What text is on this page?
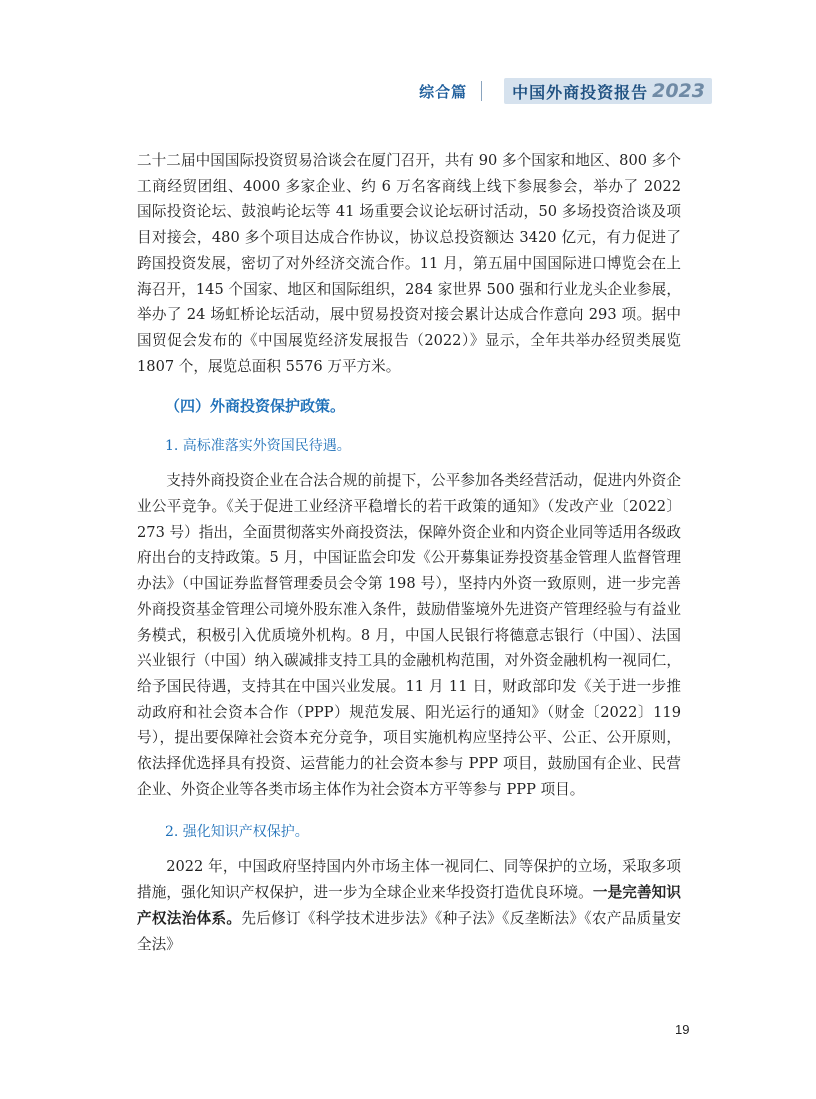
综合篇	中国外商投资报告 2023

二十二届中国国际投资贸易洽谈会在厦门召开，共有 90 多个国家和地区、800 多个工商经贸团组、4000 多家企业、约 6 万名客商线上线下参展参会，举办了 2022 国际投资论坛、鼓浪屿论坛等 41 场重要会议论坛研讨活动，50 多场投资洽谈及项目对接会，480 多个项目达成合作协议，协议总投资额达 3420 亿元，有力促进了跨国投资发展，密切了对外经济交流合作。11 月，第五届中国国际进口博览会在上海召开，145 个国家、地区和国际组织，284 家世界 500 强和行业龙头企业参展，举办了 24 场虹桥论坛活动，展中贸易投资对接会累计达成合作意向 293 项。据中国贸促会发布的《中国展览经济发展报告（2022）》显示，全年共举办经贸类展览 1807 个，展览总面积 5576 万平方米。

（四）外商投资保护政策。

1. 高标准落实外资国民待遇。

支持外商投资企业在合法合规的前提下，公平参加各类经营活动，促进内外资企业公平竞争。《关于促进工业经济平稳增长的若干政策的通知》（发改产业〔2022〕273 号）指出，全面贯彻落实外商投资法，保障外资企业和内资企业同等适用各级政府出台的支持政策。5 月，中国证监会印发《公开募集证券投资基金管理人监督管理办法》（中国证券监督管理委员会令第 198 号），坚持内外资一致原则，进一步完善外商投资基金管理公司境外股东准入条件，鼓励借鉴境外先进资产管理经验与有益业务模式，积极引入优质境外机构。8 月，中国人民银行将德意志银行（中国）、法国兴业银行（中国）纳入碳减排支持工具的金融机构范围，对外资金融机构一视同仁，给予国民待遇，支持其在中国兴业发展。11 月 11 日，财政部印发《关于进一步推动政府和社会资本合作（PPP）规范发展、阳光运行的通知》（财金〔2022〕119 号），提出要保障社会资本充分竞争，项目实施机构应坚持公平、公正、公开原则，依法择优选择具有投资、运营能力的社会资本参与 PPP 项目，鼓励国有企业、民营企业、外资企业等各类市场主体作为社会资本方平等参与 PPP 项目。

2. 强化知识产权保护。

2022 年，中国政府坚持国内外市场主体一视同仁、同等保护的立场，采取多项措施，强化知识产权保护，进一步为全球企业来华投资打造优良环境。一是完善知识产权法治体系。先后修订《科学技术进步法》《种子法》《反垄断法》《农产品质量安全法》

19
